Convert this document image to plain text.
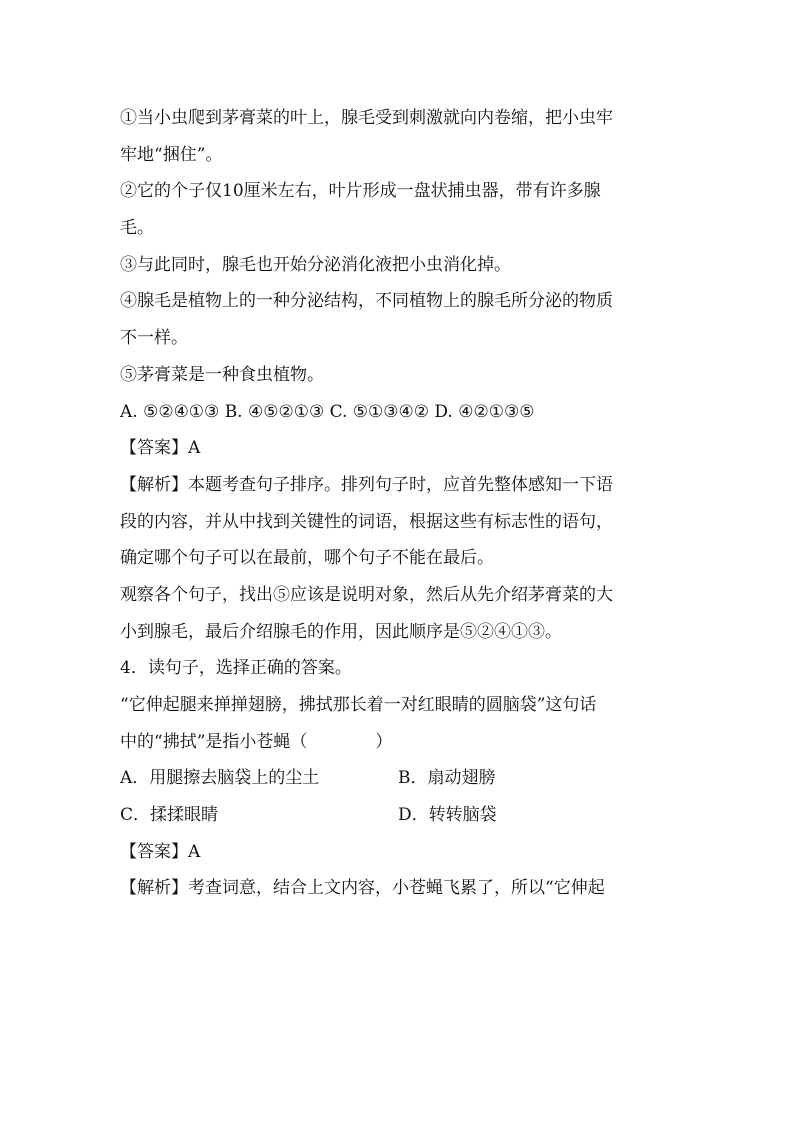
①当小虫爬到茅膏菜的叶上，腺毛受到刺激就向内卷缩，把小虫牢
牢地“捆住”。
②它的个子仅10厘米左右，叶片形成一盘状捕虫器，带有许多腺
毛。
③与此同时，腺毛也开始分泌消化液把小虫消化掉。
④腺毛是植物上的一种分泌结构，不同植物上的腺毛所分泌的物质
不一样。
⑤茅膏菜是一种食虫植物。
A. ⑤②④①③ B. ④⑤②①③ C. ⑤①③④② D. ④②①③⑤
【答案】A
【解析】本题考查句子排序。排列句子时，应首先整体感知一下语
段的内容，并从中找到关键性的词语，根据这些有标志性的语句，
确定哪个句子可以在最前，哪个句子不能在最后。
观察各个句子，找出⑤应该是说明对象，然后从先介绍茅膏菜的大
小到腺毛，最后介绍腺毛的作用，因此顺序是⑤②④①③。
4．读句子，选择正确的答案。
“它伸起腿来掸掸翅膀，拂拭那长着一对红眼睛的圆脑袋”这句话
中的“拂拭”是指小苍蝇（　　　　）
A．用腿擦去脑袋上的尘土	B．扇动翅膀
C．揉揉眼睛	D．转转脑袋
【答案】A
【解析】考查词意，结合上文内容，小苍蝇飞累了，所以“它伸起
